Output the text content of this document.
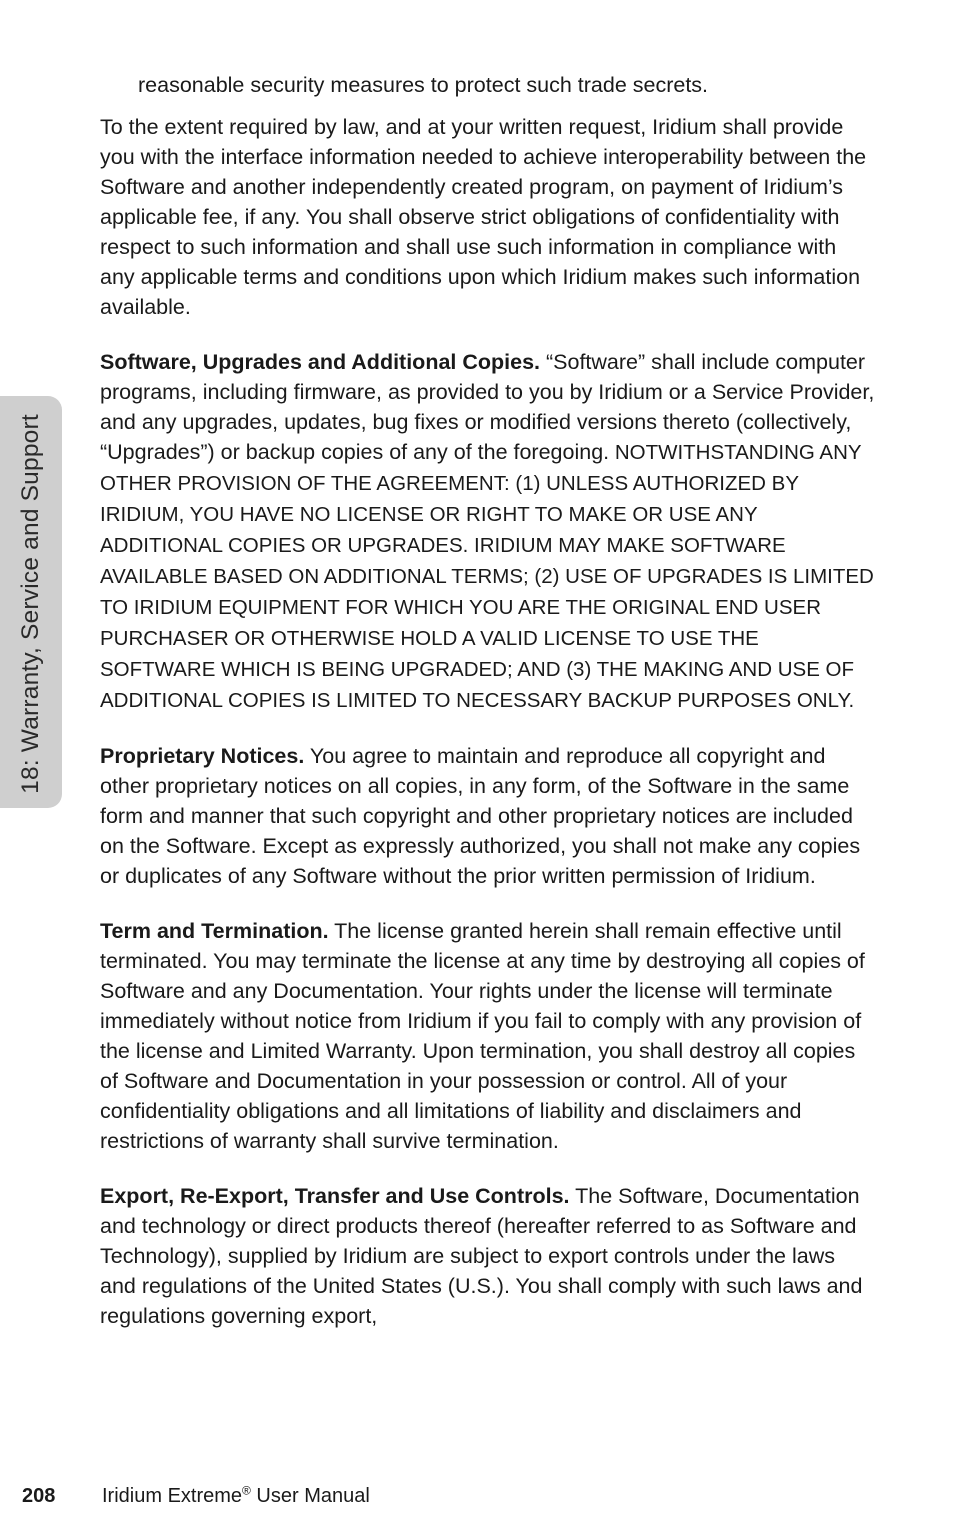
18: Warranty, Service and Support

reasonable security measures to protect such trade secrets.

To the extent required by law, and at your written request, Iridium shall provide you with the interface information needed to achieve interoperability between the Software and another independently created program, on payment of Iridium’s applicable fee, if any. You shall observe strict obligations of confidentiality with respect to such information and shall use such information in compliance with any applicable terms and conditions upon which Iridium makes such information available.

Software, Upgrades and Additional Copies. “Software” shall include computer programs, including firmware, as provided to you by Iridium or a Service Provider, and any upgrades, updates, bug fixes or modified versions thereto (collectively, “Upgrades”) or backup copies of any of the foregoing. NOTWITHSTANDING ANY OTHER PROVISION OF THE AGREEMENT: (1) UNLESS AUTHORIZED BY IRIDIUM, YOU HAVE NO LICENSE OR RIGHT TO MAKE OR USE ANY ADDITIONAL COPIES OR UPGRADES. IRIDIUM MAY MAKE SOFTWARE AVAILABLE BASED ON ADDITIONAL TERMS; (2) USE OF UPGRADES IS LIMITED TO IRIDIUM EQUIPMENT FOR WHICH YOU ARE THE ORIGINAL END USER PURCHASER OR OTHERWISE HOLD A VALID LICENSE TO USE THE SOFTWARE WHICH IS BEING UPGRADED; AND (3) THE MAKING AND USE OF ADDITIONAL COPIES IS LIMITED TO NECESSARY BACKUP PURPOSES ONLY.

Proprietary Notices. You agree to maintain and reproduce all copyright and other proprietary notices on all copies, in any form, of the Software in the same form and manner that such copyright and other proprietary notices are included on the Software. Except as expressly authorized, you shall not make any copies or duplicates of any Software without the prior written permission of Iridium.

Term and Termination. The license granted herein shall remain effective until terminated. You may terminate the license at any time by destroying all copies of Software and any Documentation. Your rights under the license will terminate immediately without notice from Iridium if you fail to comply with any provision of the license and Limited Warranty. Upon termination, you shall destroy all copies of Software and Documentation in your possession or control. All of your confidentiality obligations and all limitations of liability and disclaimers and restrictions of warranty shall survive termination.

Export, Re-Export, Transfer and Use Controls. The Software, Documentation and technology or direct products thereof (hereafter referred to as Software and Technology), supplied by Iridium are subject to export controls under the laws and regulations of the United States (U.S.). You shall comply with such laws and regulations governing export,

208 Iridium Extreme® User Manual
